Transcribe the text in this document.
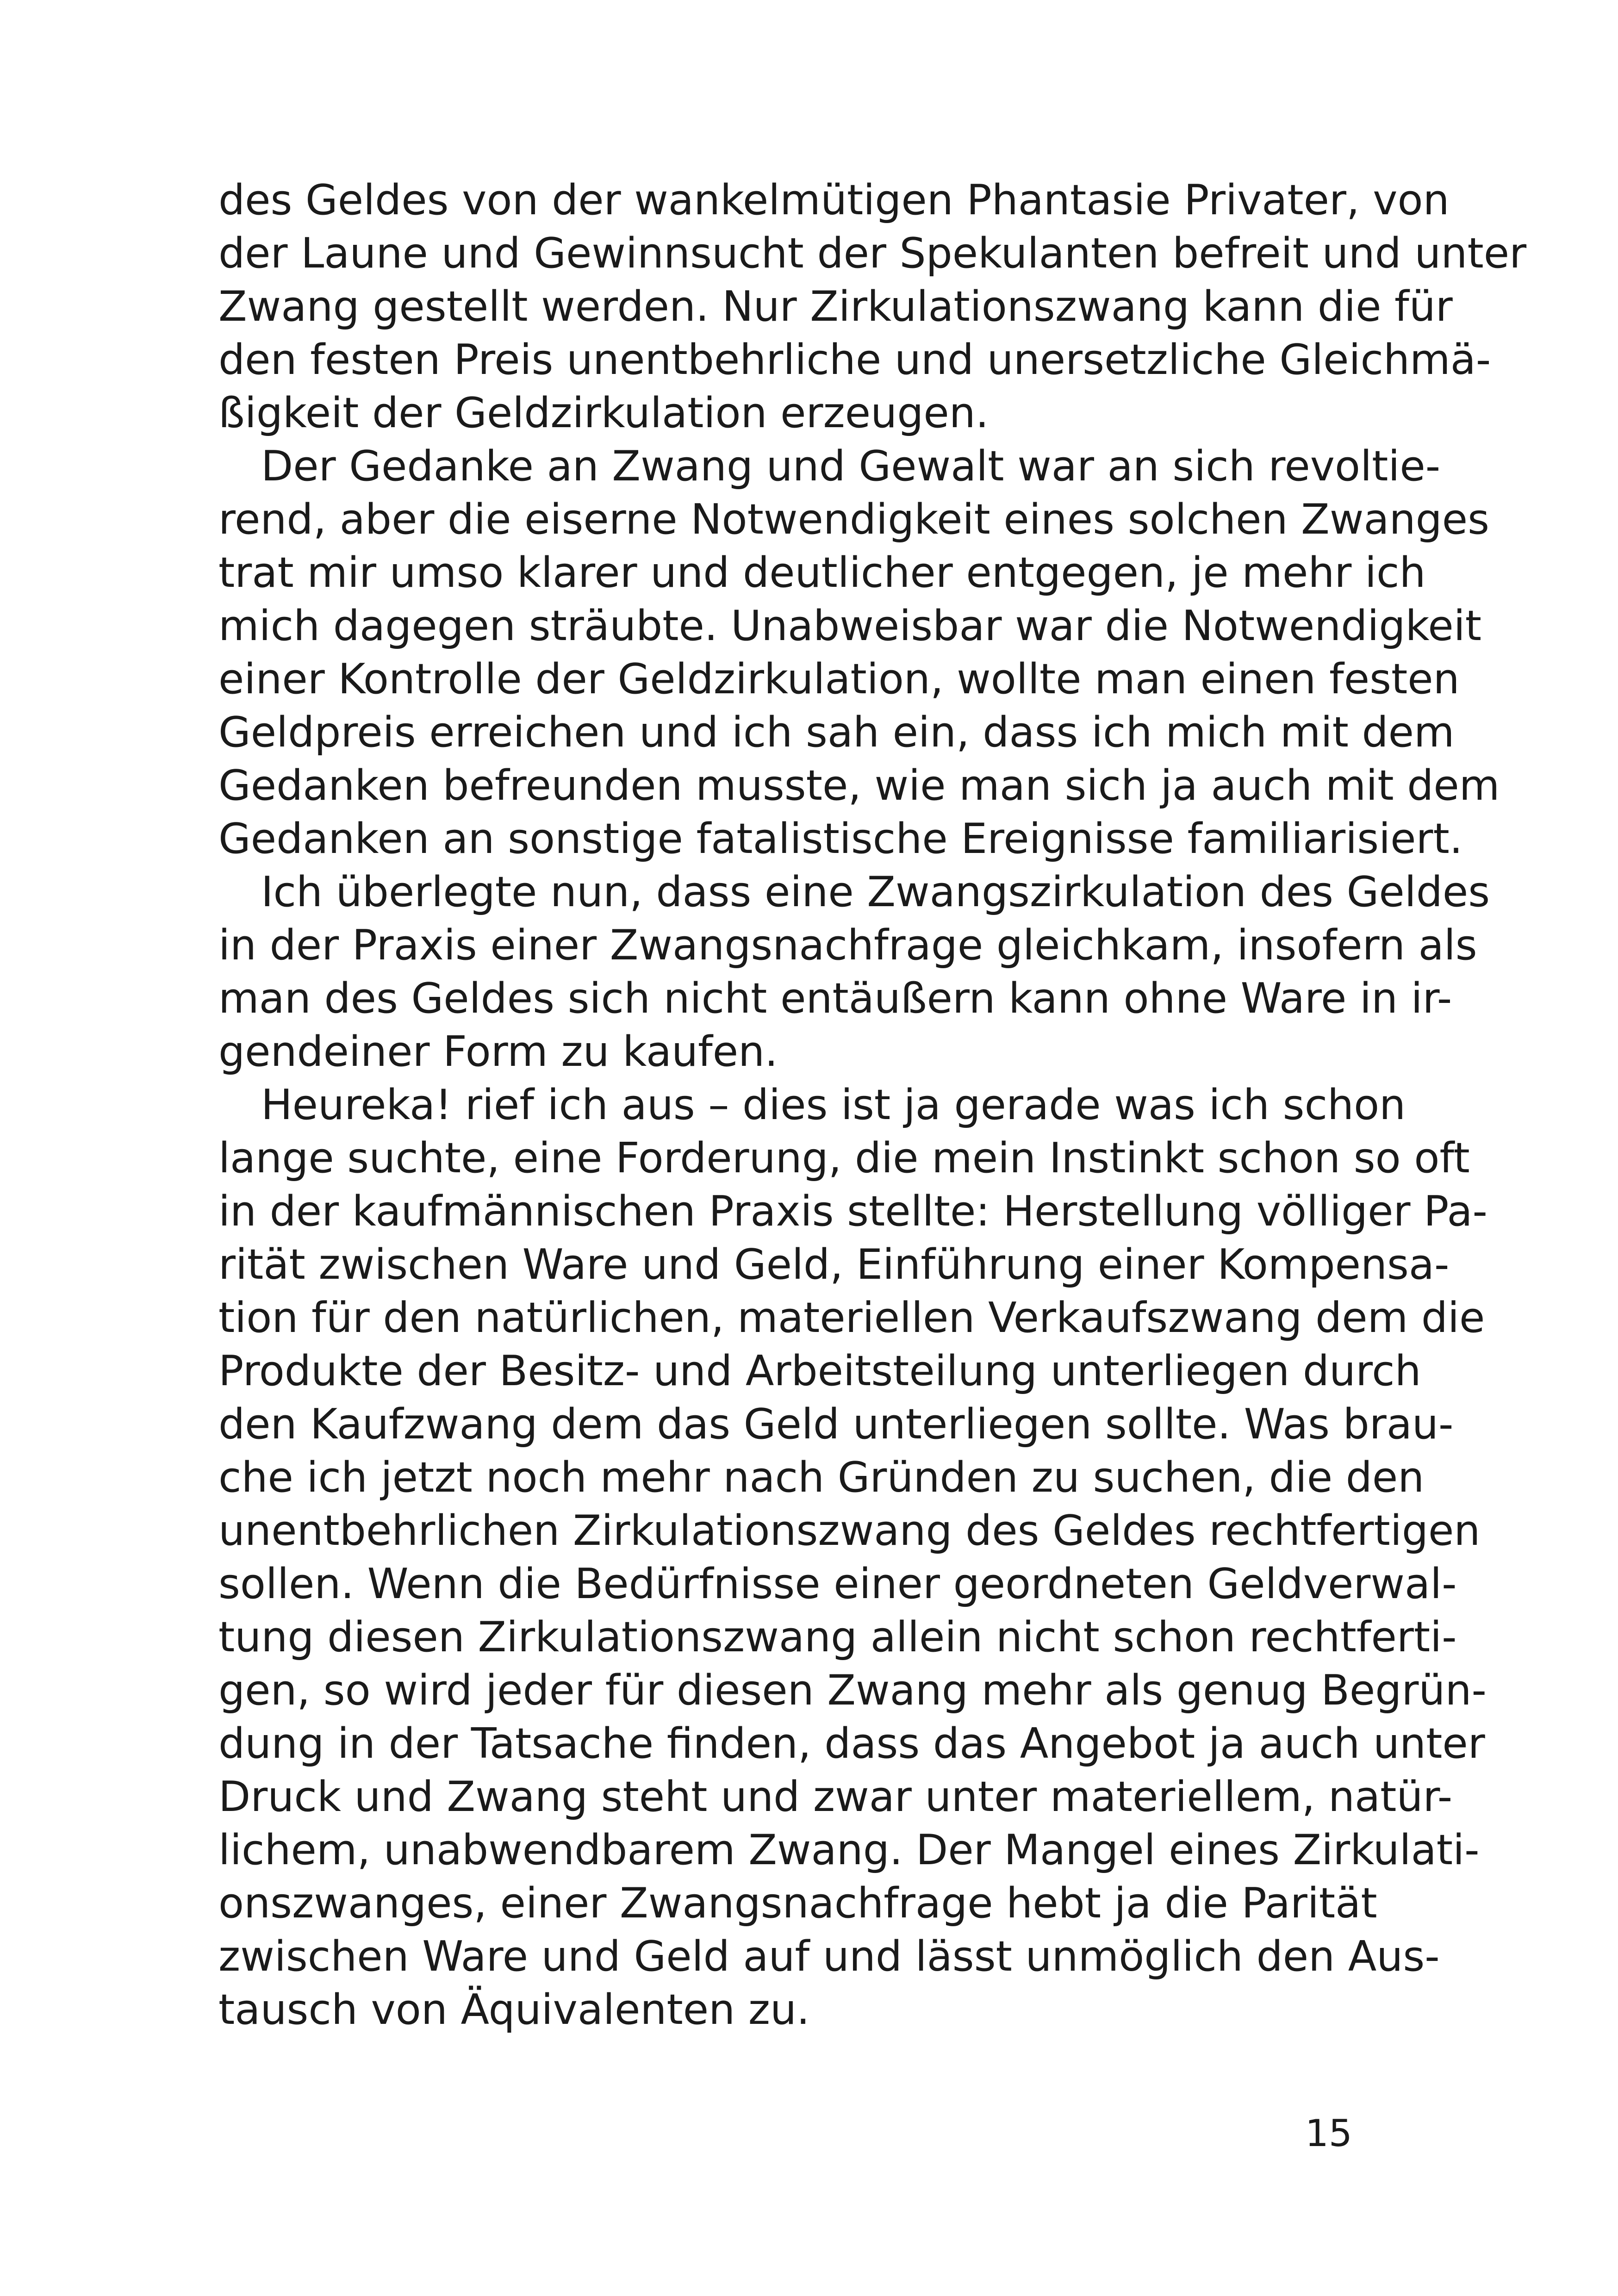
des Geldes von der wankelmütigen Phantasie Privater, von
der Laune und Gewinnsucht der Spekulanten befreit und unter
Zwang gestellt werden. Nur Zirkulationszwang kann die für
den festen Preis unentbehrliche und unersetzliche Gleichmä-
ßigkeit der Geldzirkulation erzeugen.
Der Gedanke an Zwang und Gewalt war an sich revoltie-
rend, aber die eiserne Notwendigkeit eines solchen Zwanges
trat mir umso klarer und deutlicher entgegen, je mehr ich
mich dagegen sträubte. Unabweisbar war die Notwendigkeit
einer Kontrolle der Geldzirkulation, wollte man einen festen
Geldpreis erreichen und ich sah ein, dass ich mich mit dem
Gedanken befreunden musste, wie man sich ja auch mit dem
Gedanken an sonstige fatalistische Ereignisse familiarisiert.
Ich überlegte nun, dass eine Zwangszirkulation des Geldes
in der Praxis einer Zwangsnachfrage gleichkam, insofern als
man des Geldes sich nicht entäußern kann ohne Ware in ir-
gendeiner Form zu kaufen.
Heureka! rief ich aus – dies ist ja gerade was ich schon
lange suchte, eine Forderung, die mein Instinkt schon so oft
in der kaufmännischen Praxis stellte: Herstellung völliger Pa-
rität zwischen Ware und Geld, Einführung einer Kompensa-
tion für den natürlichen, materiellen Verkaufszwang dem die
Produkte der Besitz- und Arbeitsteilung unterliegen durch
den Kaufzwang dem das Geld unterliegen sollte. Was brau-
che ich jetzt noch mehr nach Gründen zu suchen, die den
unentbehrlichen Zirkulationszwang des Geldes rechtfertigen
sollen. Wenn die Bedürfnisse einer geordneten Geldverwal-
tung diesen Zirkulationszwang allein nicht schon rechtferti-
gen, so wird jeder für diesen Zwang mehr als genug Begrün-
dung in der Tatsache finden, dass das Angebot ja auch unter
Druck und Zwang steht und zwar unter materiellem, natür-
lichem, unabwendbarem Zwang. Der Mangel eines Zirkulati-
onszwanges, einer Zwangsnachfrage hebt ja die Parität
zwischen Ware und Geld auf und lässt unmöglich den Aus-
tausch von Äquivalenten zu.
15
